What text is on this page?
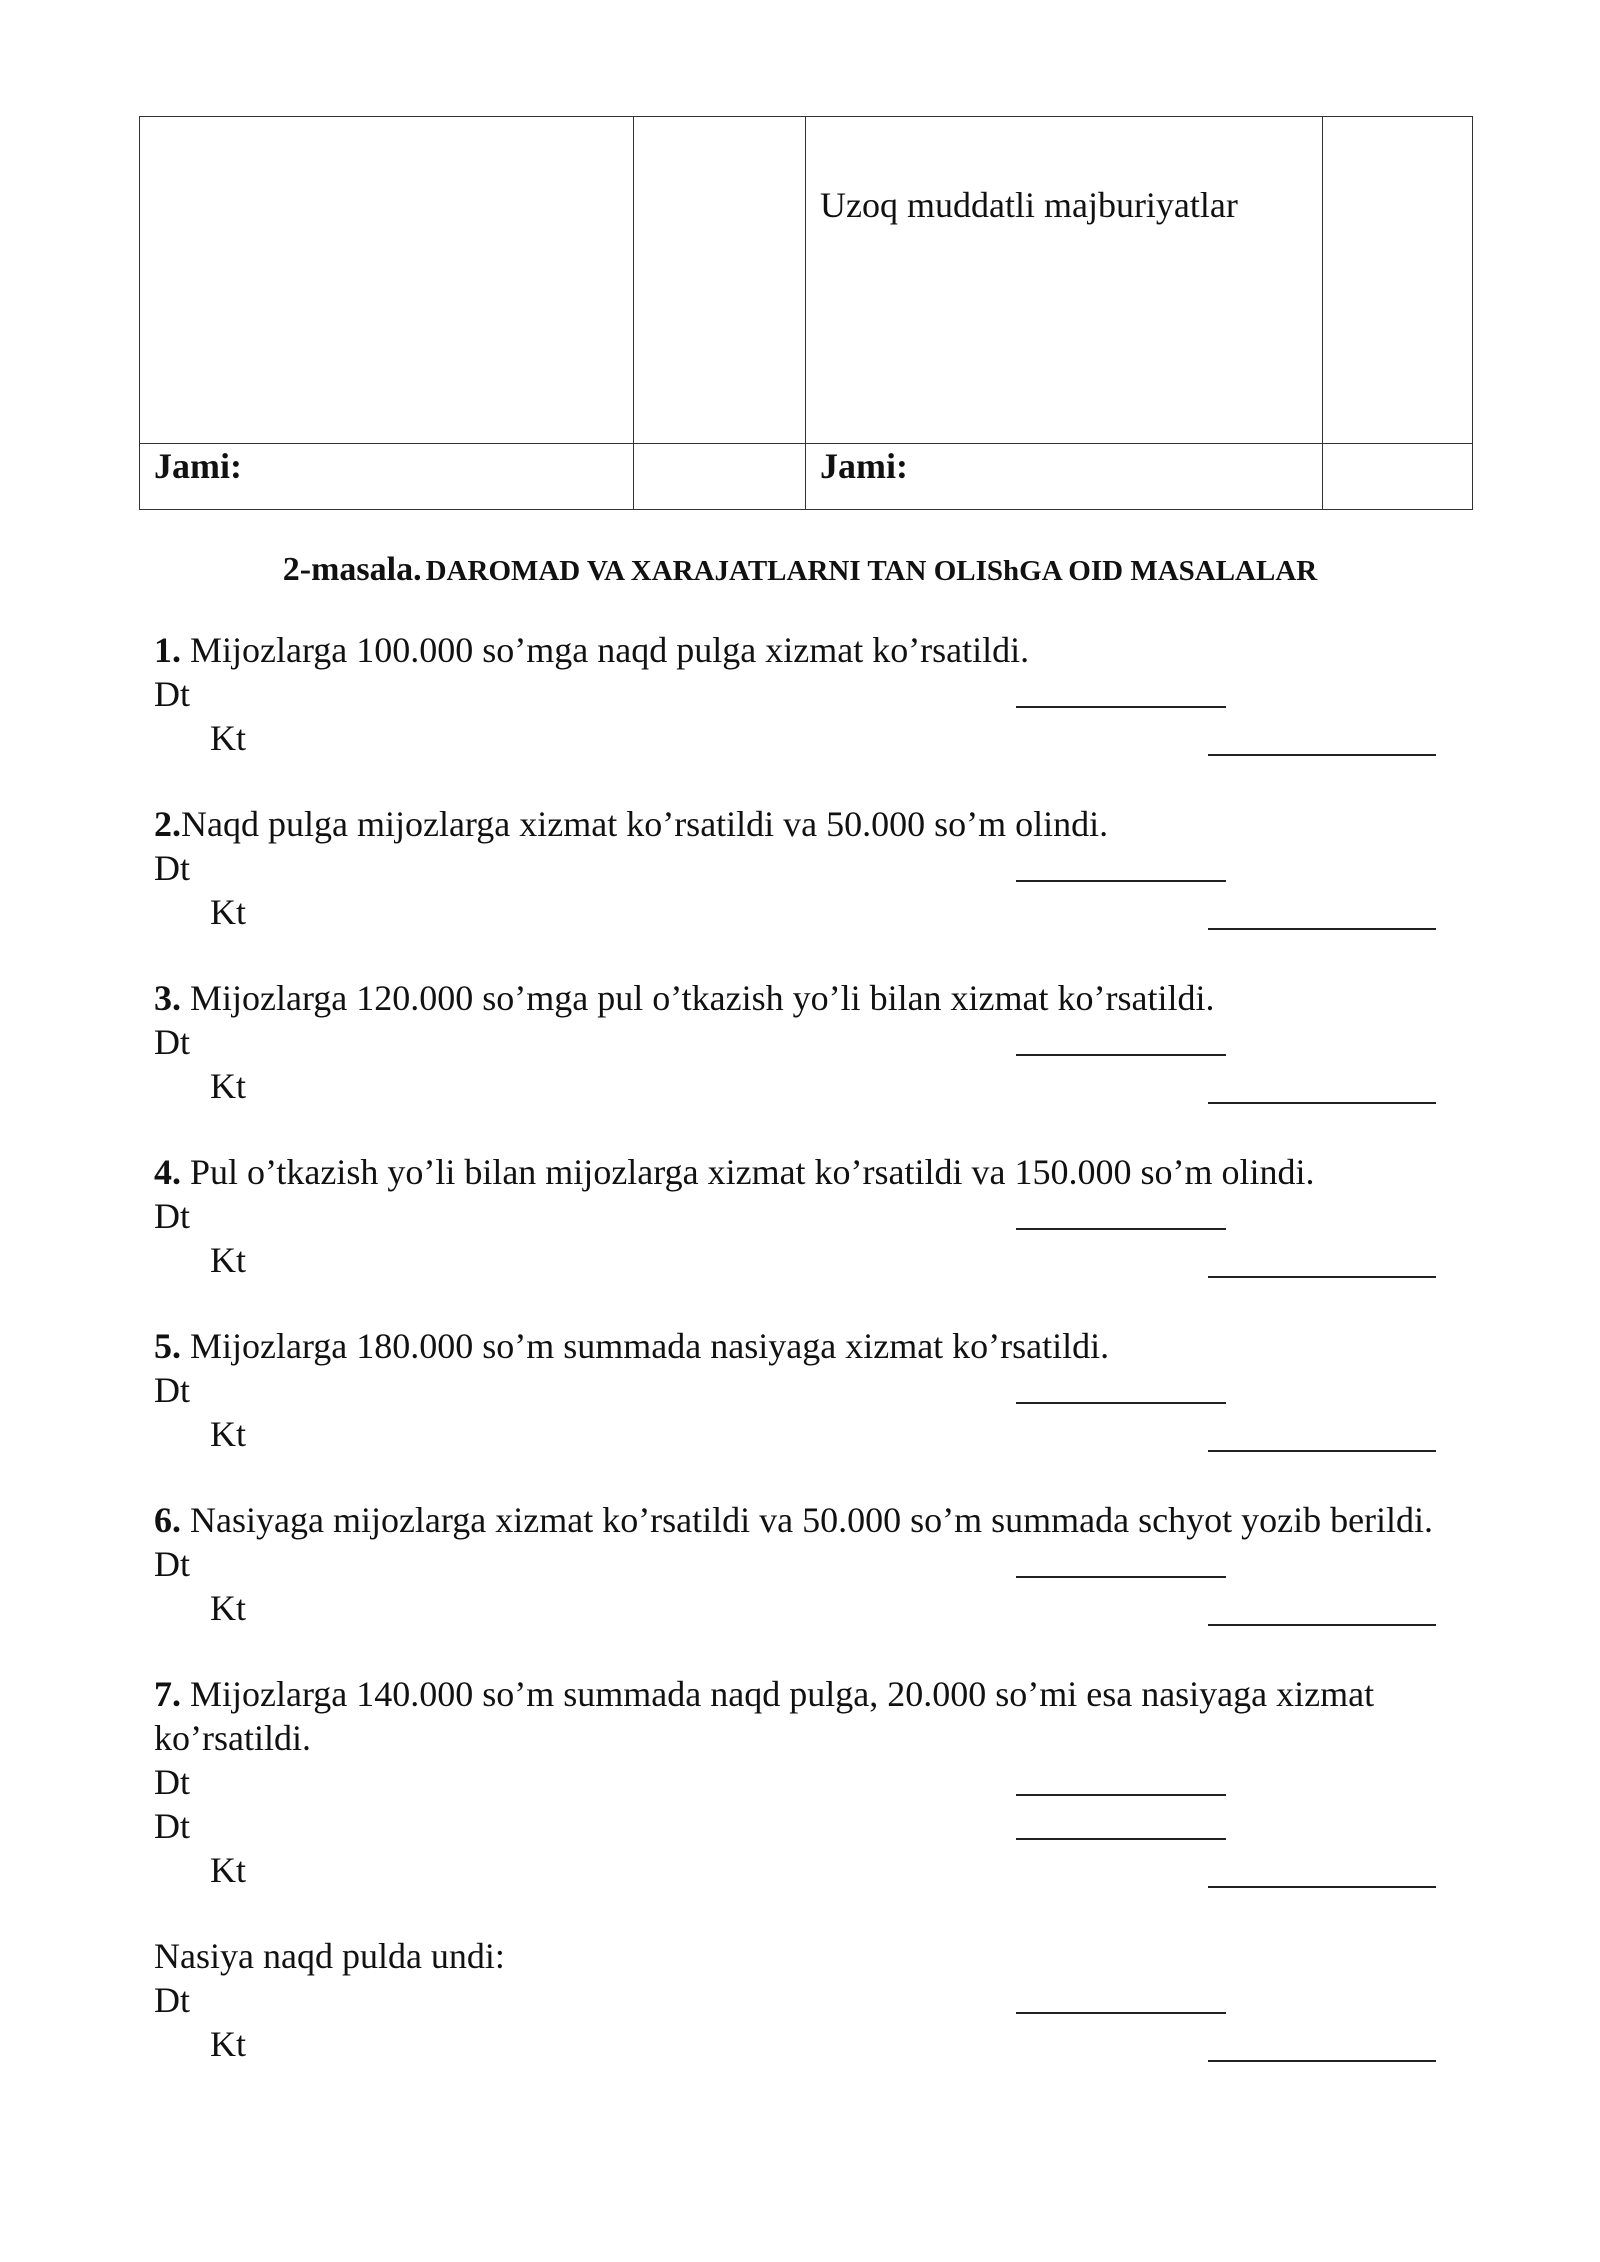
		Uzoq muddatli majburiyatlar	

Jami:		Jami:	

2-masala. DAROMAD VA XARAJATLARNI TAN OLIShGA OID MASALALAR
1. Mijozlarga 100.000 so’mga naqd pulga xizmat ko’rsatildi.
Dt
Kt
2.Naqd pulga mijozlarga xizmat ko’rsatildi va 50.000 so’m olindi.
Dt
Kt
3. Mijozlarga 120.000 so’mga pul o’tkazish yo’li bilan xizmat ko’rsatildi.
Dt
Kt
4. Pul o’tkazish yo’li bilan mijozlarga xizmat ko’rsatildi va 150.000 so’m olindi.
Dt
Kt
5. Mijozlarga 180.000 so’m summada nasiyaga xizmat ko’rsatildi.
Dt
Kt
6. Nasiyaga mijozlarga xizmat ko’rsatildi va 50.000 so’m summada schyot yozib berildi.
Dt
Kt
7. Mijozlarga 140.000 so’m summada naqd pulga, 20.000 so’mi esa nasiyaga xizmat ko’rsatildi.
Dt
Dt
Kt
Nasiya naqd pulda undi:
Dt
Kt
